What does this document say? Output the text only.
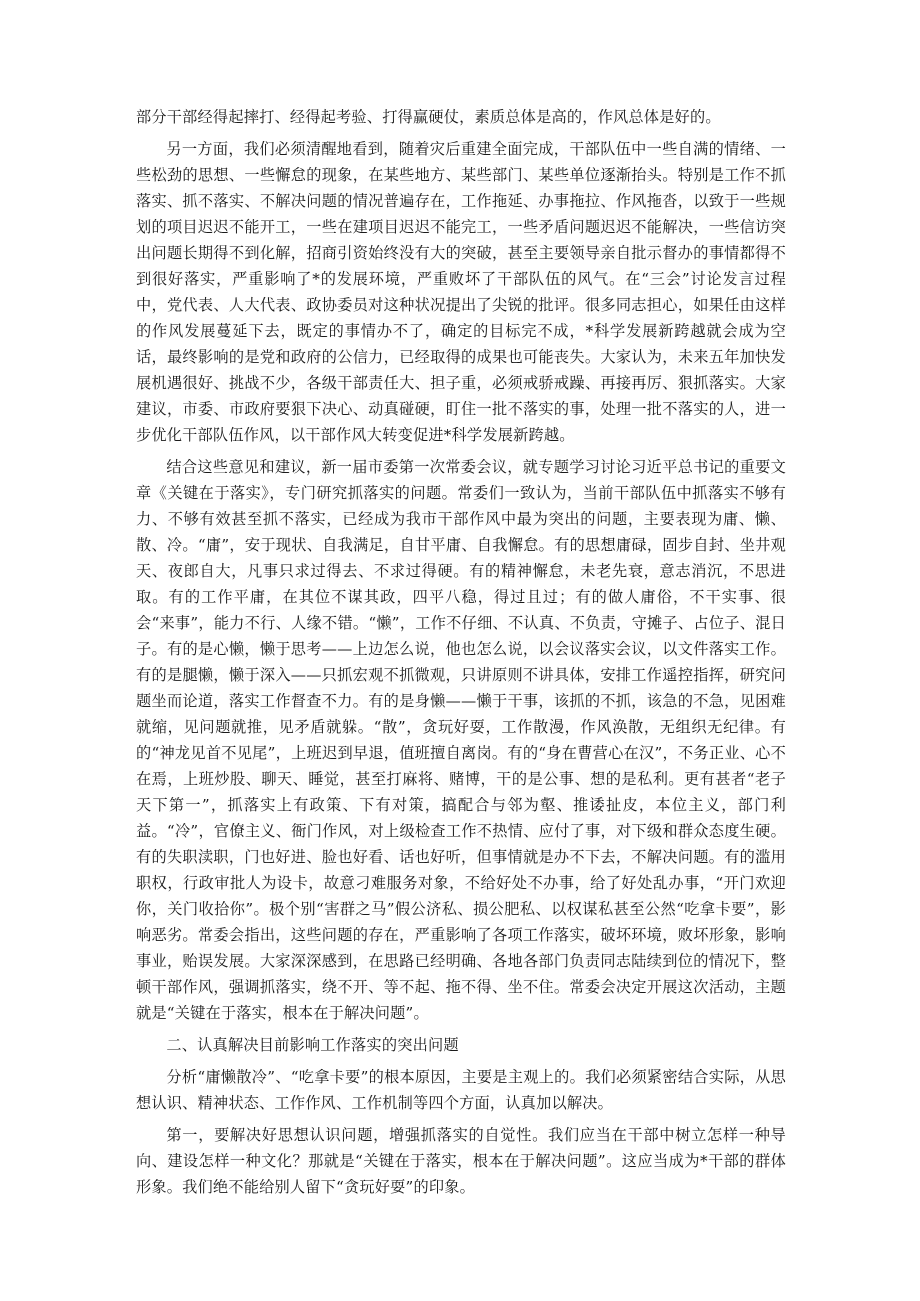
部分干部经得起摔打、经得起考验、打得赢硬仗，素质总体是高的，作风总体是好的。

另一方面，我们必须清醒地看到，随着灾后重建全面完成，干部队伍中一些自满的情绪、一些松劲的思想、一些懈怠的现象，在某些地方、某些部门、某些单位逐渐抬头。特别是工作不抓落实、抓不落实、不解决问题的情况普遍存在，工作拖延、办事拖拉、作风拖沓，以致于一些规划的项目迟迟不能开工，一些在建项目迟迟不能完工，一些矛盾问题迟迟不能解决，一些信访突出问题长期得不到化解，招商引资始终没有大的突破，甚至主要领导亲自批示督办的事情都得不到很好落实，严重影响了*的发展环境，严重败坏了干部队伍的风气。在“三会”讨论发言过程中，党代表、人大代表、政协委员对这种状况提出了尖锐的批评。很多同志担心，如果任由这样的作风发展蔓延下去，既定的事情办不了，确定的目标完不成，*科学发展新跨越就会成为空话，最终影响的是党和政府的公信力，已经取得的成果也可能丧失。大家认为，未来五年加快发展机遇很好、挑战不少，各级干部责任大、担子重，必须戒骄戒躁、再接再厉、狠抓落实。大家建议，市委、市政府要狠下决心、动真碰硬，盯住一批不落实的事，处理一批不落实的人，进一步优化干部队伍作风，以干部作风大转变促进*科学发展新跨越。

结合这些意见和建议，新一届市委第一次常委会议，就专题学习讨论习近平总书记的重要文章《关键在于落实》，专门研究抓落实的问题。常委们一致认为，当前干部队伍中抓落实不够有力、不够有效甚至抓不落实，已经成为我市干部作风中最为突出的问题，主要表现为庸、懒、散、冷。“庸”，安于现状、自我满足，自甘平庸、自我懈怠。有的思想庸碌，固步自封、坐井观天、夜郎自大，凡事只求过得去、不求过得硬。有的精神懈怠，未老先衰，意志消沉，不思进取。有的工作平庸，在其位不谋其政，四平八稳，得过且过；有的做人庸俗，不干实事、很会“来事”，能力不行、人缘不错。“懒”，工作不仔细、不认真、不负责，守摊子、占位子、混日子。有的是心懒，懒于思考——上边怎么说，他也怎么说，以会议落实会议，以文件落实工作。有的是腿懒，懒于深入——只抓宏观不抓微观，只讲原则不讲具体，安排工作遥控指挥，研究问题坐而论道，落实工作督查不力。有的是身懒——懒于干事，该抓的不抓，该急的不急，见困难就缩，见问题就推，见矛盾就躲。“散”，贪玩好耍，工作散漫，作风涣散，无组织无纪律。有的“神龙见首不见尾”，上班迟到早退，值班擅自离岗。有的“身在曹营心在汉”，不务正业、心不在焉，上班炒股、聊天、睡觉，甚至打麻将、赌博，干的是公事、想的是私利。更有甚者“老子天下第一”，抓落实上有政策、下有对策，搞配合与邻为壑、推诿扯皮，本位主义，部门利益。“冷”，官僚主义、衙门作风，对上级检查工作不热情、应付了事，对下级和群众态度生硬。有的失职渎职，门也好进、脸也好看、话也好听，但事情就是办不下去，不解决问题。有的滥用职权，行政审批人为设卡，故意刁难服务对象，不给好处不办事，给了好处乱办事，“开门欢迎你，关门收拾你”。极个别“害群之马”假公济私、损公肥私、以权谋私甚至公然“吃拿卡要”，影响恶劣。常委会指出，这些问题的存在，严重影响了各项工作落实，破坏环境，败坏形象，影响事业，贻误发展。大家深深感到，在思路已经明确、各地各部门负责同志陆续到位的情况下，整顿干部作风，强调抓落实，绕不开、等不起、拖不得、坐不住。常委会决定开展这次活动，主题就是“关键在于落实，根本在于解决问题”。

二、认真解决目前影响工作落实的突出问题

分析“庸懒散冷”、“吃拿卡要”的根本原因，主要是主观上的。我们必须紧密结合实际，从思想认识、精神状态、工作作风、工作机制等四个方面，认真加以解决。

第一，要解决好思想认识问题，增强抓落实的自觉性。我们应当在干部中树立怎样一种导向、建设怎样一种文化？那就是“关键在于落实，根本在于解决问题”。这应当成为*干部的群体形象。我们绝不能给别人留下“贪玩好耍”的印象。
